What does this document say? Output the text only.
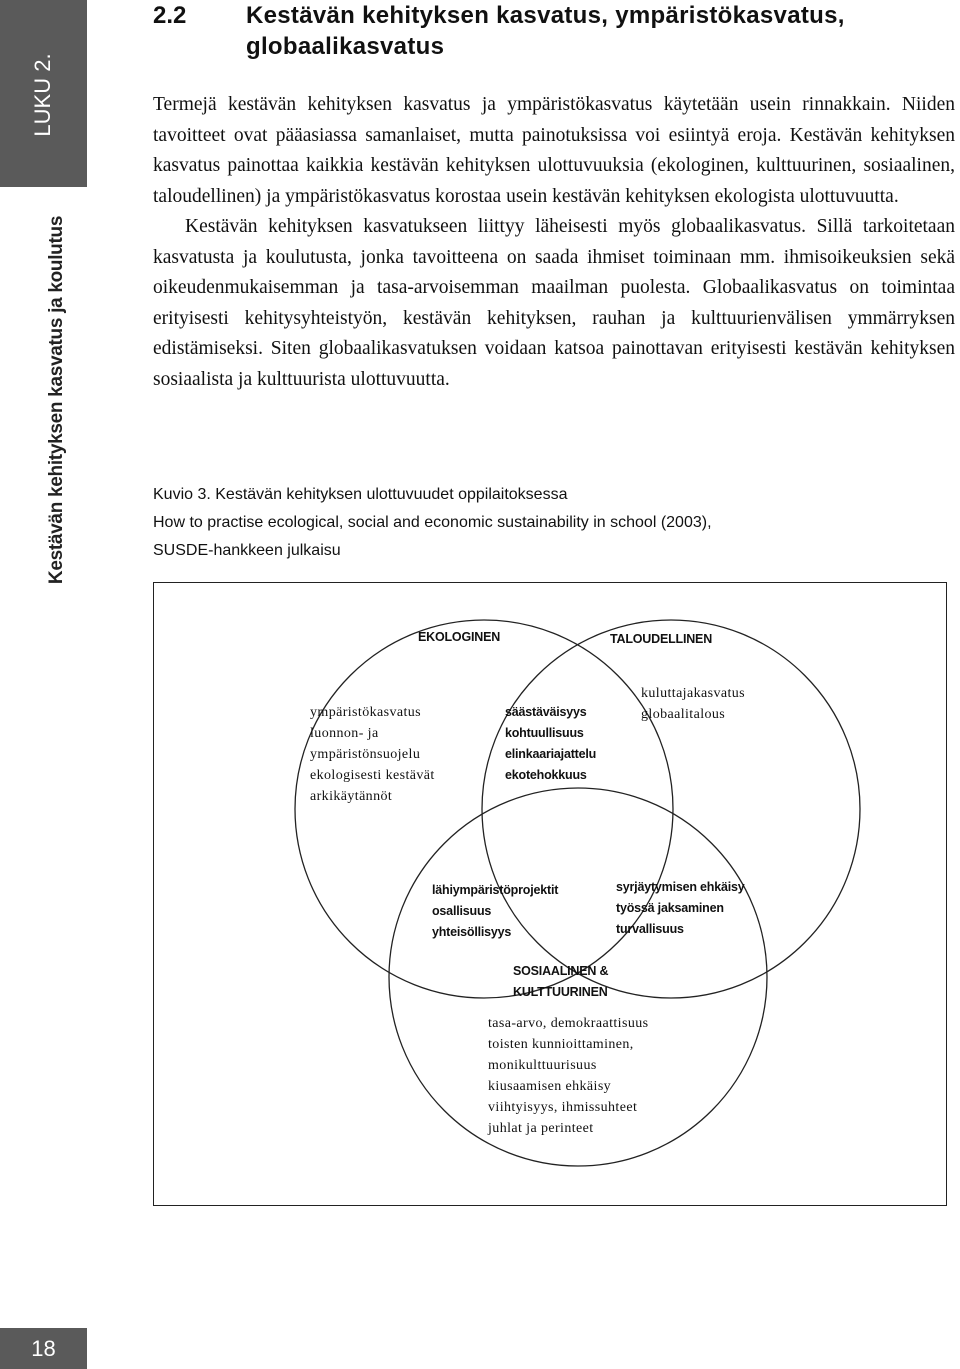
LUKU 2.
Kestävän kehityksen kasvatus ja koulutus
18
2.2 Kestävän kehityksen kasvatus, ympäristökasvatus, globaalikasvatus

Termejä kestävän kehityksen kasvatus ja ympäristökasvatus käytetään usein rinnakkain. Niiden tavoitteet ovat pääasiassa samanlaiset, mutta painotuksissa voi esiintyä eroja. Kestävän kehityksen kasvatus painottaa kaikkia kestävän kehityksen ulottuvuuksia (ekologinen, kulttuurinen, sosiaalinen, taloudellinen) ja ympäristökasvatus korostaa usein kestävän kehityksen ekologista ulottuvuutta.

Kestävän kehityksen kasvatukseen liittyy läheisesti myös globaalikasvatus. Sillä tarkoitetaan kasvatusta ja koulutusta, jonka tavoitteena on saada ihmiset toiminaan mm. ihmisoikeuksien sekä oikeudenmukaisemman ja tasa-arvoisemman maailman puolesta. Globaalikasvatus on toimintaa erityisesti kehitysyhteistyön, kestävän kehityksen, rauhan ja kulttuurienvälisen ymmärryksen edistämiseksi. Siten globaalikasvatuksen voidaan katsoa painottavan erityisesti kestävän kehityksen sosiaalista ja kulttuurista ulottuvuutta.

Kuvio 3. Kestävän kehityksen ulottuvuudet oppilaitoksessa
How to practise ecological, social and economic sustainability in school (2003),
SUSDE-hankkeen julkaisu
EKOLOGINEN
ympäristökasvatus
luonnon- ja
ympäristönsuojelu
ekologisesti kestävät
arkikäytännöt
TALOUDELLINEN
kuluttajakasvatus
globaalitalous
säästäväisyys
kohtuullisuus
elinkaariajattelu
ekotehokkuus
lähiympäristöprojektit
osallisuus
yhteisöllisyys
syrjäytymisen ehkäisy
työssä jaksaminen
turvallisuus
SOSIAALINEN &
KULTTUURINEN
tasa-arvo, demokraattisuus
toisten kunnioittaminen,
monikulttuurisuus
kiusaamisen ehkäisy
viihtyisyys, ihmissuhteet
juhlat ja perinteet
